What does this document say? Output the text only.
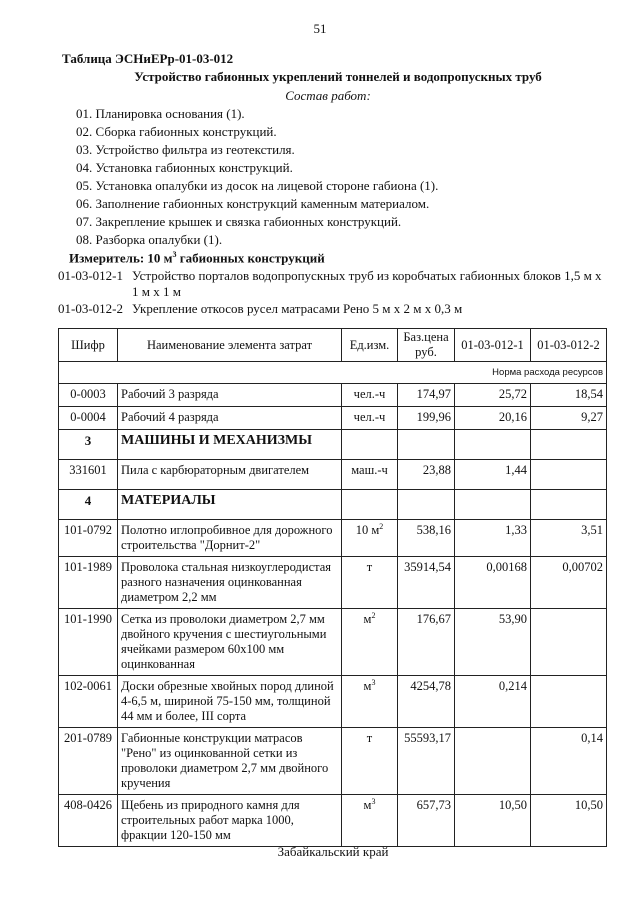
51
Таблица ЭСНиЕРр-01-03-012
Устройство габионных укреплений тоннелей и водопропускных труб
Состав работ:
01. Планировка основания (1).
02. Сборка габионных конструкций.
03. Устройство фильтра из геотекстиля.
04. Установка габионных конструкций.
05. Установка опалубки из досок на лицевой стороне габиона (1).
06. Заполнение габионных конструкций каменным материалом.
07. Закрепление крышек и связка габионных конструкций.
08. Разборка опалубки (1).
Измеритель: 10 $м^3$ габионных конструкций
01-03-012-1 Устройство порталов водопропускных труб из коробчатых габионных блоков 1,5 м х 1 м х 1 м
01-03-012-2 Укрепление откосов русел матрасами Рено 5 м х 2 м х 0,3 м
Шифр	Наименование элемента затрат	Ед.изм.	Баз.цена руб.	01-03-012-1	01-03-012-2
Норма расхода ресурсов					
0-0003	Рабочий 3 разряда	чел.-ч	174,97	25,72	18,54
0-0004	Рабочий 4 разряда	чел.-ч	199,96	20,16	9,27
3	МАШИНЫ И МЕХАНИЗМЫ				
331601	Пила с карбюраторным двигателем	маш.-ч	23,88	1,44	
4	МАТЕРИАЛЫ				
101-0792	Полотно иглопробивное для дорожного строительства "Дорнит-2"	10 $м^2$	538,16	1,33	3,51
101-1989	Проволока стальная низкоуглеродистая разного назначения оцинкованная диаметром 2,2 мм	т	35914,54	0,00168	0,00702
101-1990	Сетка из проволоки диаметром 2,7 мм двойного кручения с шестиугольными ячейками размером 60х100 мм оцинкованная	$м^2$	176,67	53,90	
102-0061	Доски обрезные хвойных пород длиной 4-6,5 м, шириной 75-150 мм, толщиной 44 мм и более, III сорта	$м^3$	4254,78	0,214	
201-0789	Габионные конструкции матрасов "Рено" из оцинкованной сетки из проволоки диаметром 2,7 мм двойного кручения	т	55593,17		0,14
408-0426	Щебень из природного камня для строительных работ марка 1000, фракции 120-150 мм	$м^3$	657,73	10,50	10,50
Забайкальский край
